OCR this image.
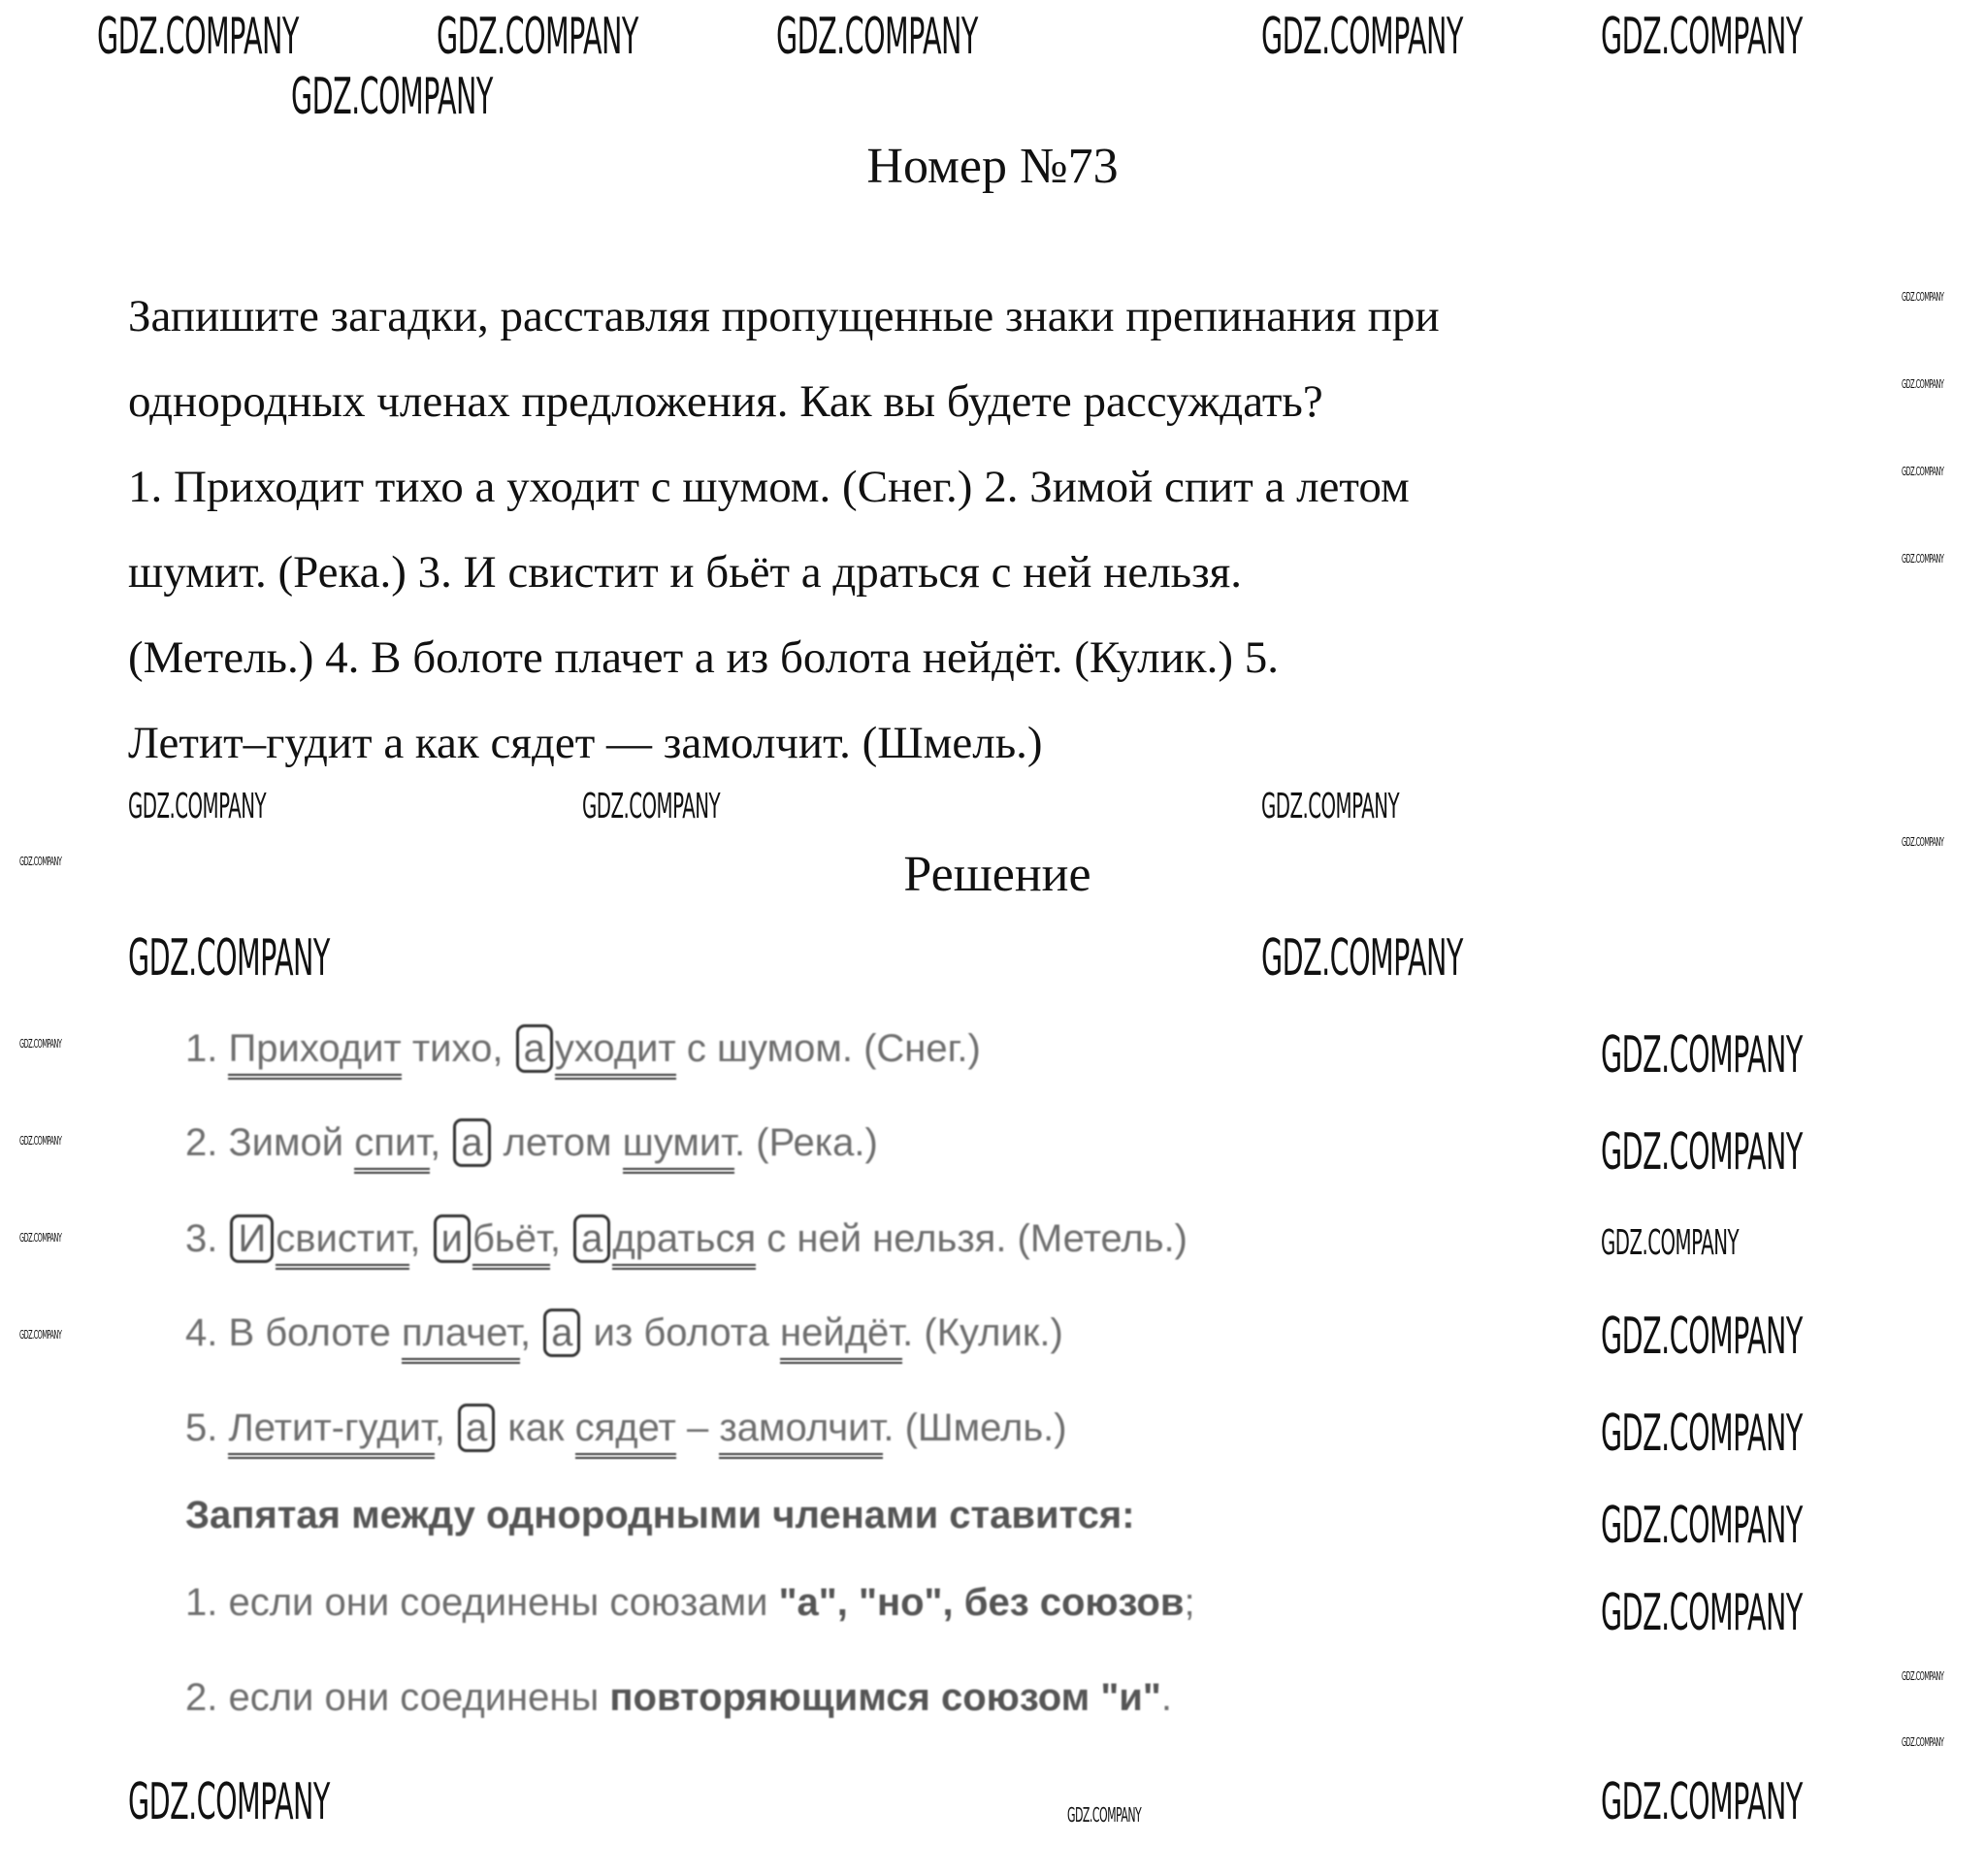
Номер №73
Запишите загадки, расставляя пропущенные знаки препинания при
однородных членах предложения. Как вы будете рассуждать?
1. Приходит тихо а уходит с шумом. (Снег.) 2. Зимой спит а летом
шумит. (Река.) 3. И свистит и бьёт а драться с ней нельзя.
(Метель.) 4. В болоте плачет а из болота нейдёт. (Кулик.) 5.
Летит–гудит а как сядет — замолчит. (Шмель.)
Решение
1. Приходит тихо, а уходит с шумом. (Снег.)
2. Зимой спит, а летом шумит. (Река.)
3. И свистит, и бьёт, а драться с ней нельзя. (Метель.)
4. В болоте плачет, а из болота нейдёт. (Кулик.)
5. Летит-гудит, а как сядет – замолчит. (Шмель.)
Запятая между однородными членами ставится:
1. если они соединены союзами "а", "но", без союзов;
2. если они соединены повторяющимся союзом "и".
GDZ.COMPANY	GDZ.COMPANY	GDZ.COMPANY	GDZ.COMPANY	GDZ.COMPANY
GDZ.COMPANY
GDZ.COMPANY	GDZ.COMPANY	GDZ.COMPANY
GDZ.COMPANY	GDZ.COMPANY
GDZ.COMPANY
GDZ.COMPANY
GDZ.COMPANY
GDZ.COMPANY
GDZ.COMPANY
GDZ.COMPANY
GDZ.COMPANY
GDZ.COMPANY	GDZ.COMPANY
GDZ.COMPANY
GDZ.COMPANY
GDZ.COMPANY
GDZ.COMPANY
GDZ.COMPANY
GDZ.COMPANY
GDZ.COMPANY
GDZ.COMPANY
GDZ.COMPANY
GDZ.COMPANY
GDZ.COMPANY
GDZ.COMPANY
GDZ.COMPANY
